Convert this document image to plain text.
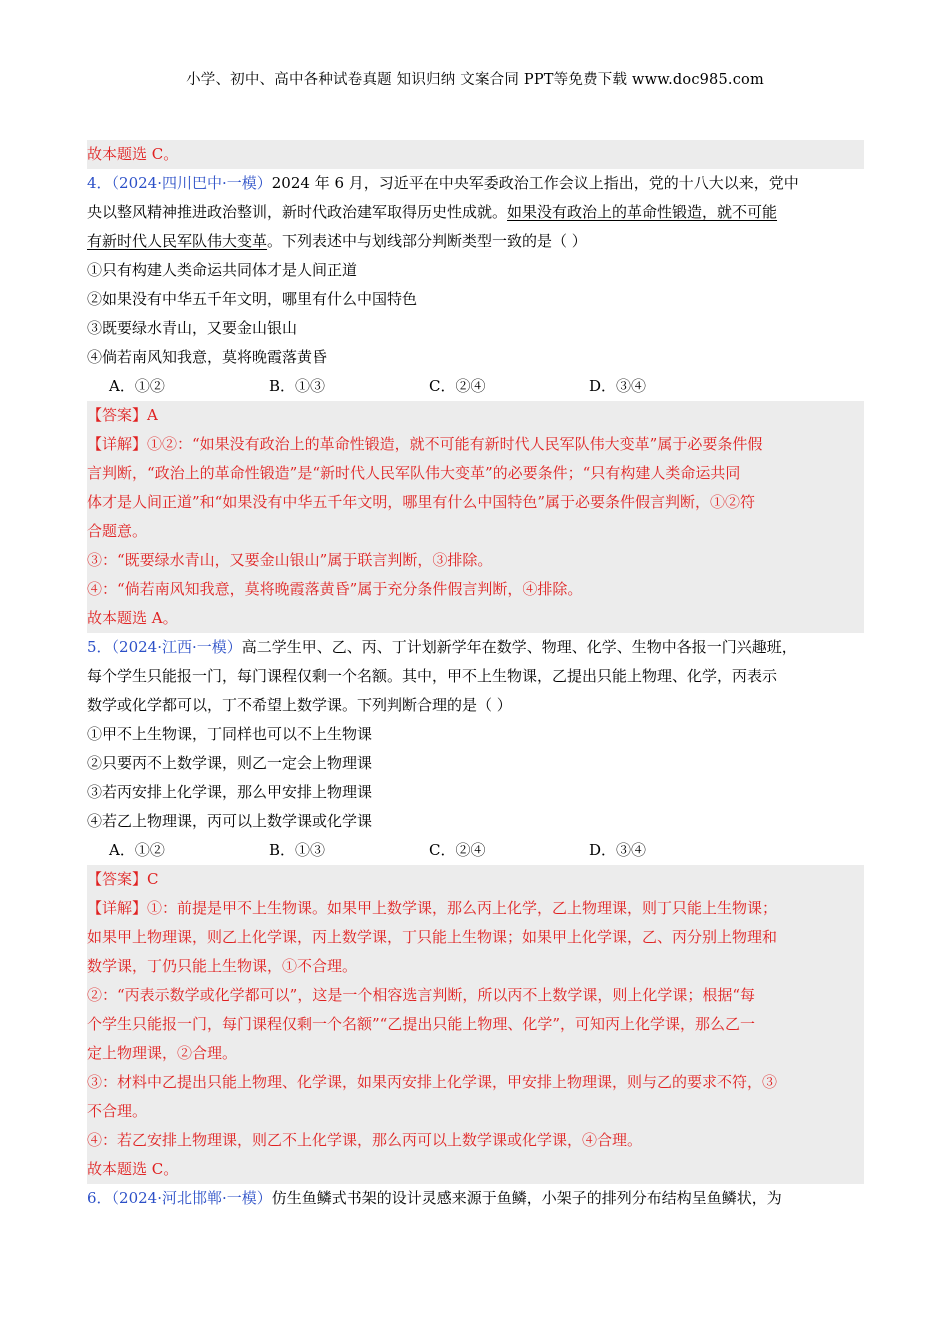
小学、初中、高中各种试卷真题 知识归纳 文案合同 PPT等免费下载 www.doc985.com
故本题选 C。
4．（2024·四川巴中·一模）2024 年 6 月，习近平在中央军委政治工作会议上指出，党的十八大以来，党中
央以整风精神推进政治整训，新时代政治建军取得历史性成就。如果没有政治上的革命性锻造，就不可能
有新时代人民军队伟大变革。下列表述中与划线部分判断类型一致的是（ ）
①只有构建人类命运共同体才是人间正道
②如果没有中华五千年文明，哪里有什么中国特色
③既要绿水青山，又要金山银山
④倘若南风知我意，莫将晚霞落黄昏
A．①②	B．①③	C．②④	D．③④
【答案】A
【详解】①②：“如果没有政治上的革命性锻造，就不可能有新时代人民军队伟大变革”属于必要条件假
言判断，“政治上的革命性锻造”是“新时代人民军队伟大变革”的必要条件；“只有构建人类命运共同
体才是人间正道”和“如果没有中华五千年文明，哪里有什么中国特色”属于必要条件假言判断，①②符
合题意。
③：“既要绿水青山，又要金山银山”属于联言判断，③排除。
④：“倘若南风知我意，莫将晚霞落黄昏”属于充分条件假言判断，④排除。
故本题选 A。
5．（2024·江西·一模）高二学生甲、乙、丙、丁计划新学年在数学、物理、化学、生物中各报一门兴趣班，
每个学生只能报一门，每门课程仅剩一个名额。其中，甲不上生物课，乙提出只能上物理、化学，丙表示
数学或化学都可以，丁不希望上数学课。下列判断合理的是（ ）
①甲不上生物课，丁同样也可以不上生物课
②只要丙不上数学课，则乙一定会上物理课
③若丙安排上化学课，那么甲安排上物理课
④若乙上物理课，丙可以上数学课或化学课
A．①②	B．①③	C．②④	D．③④
【答案】C
【详解】①：前提是甲不上生物课。如果甲上数学课，那么丙上化学，乙上物理课，则丁只能上生物课；
如果甲上物理课，则乙上化学课，丙上数学课，丁只能上生物课；如果甲上化学课，乙、丙分别上物理和
数学课，丁仍只能上生物课，①不合理。
②：“丙表示数学或化学都可以”，这是一个相容选言判断，所以丙不上数学课，则上化学课；根据“每
个学生只能报一门，每门课程仅剩一个名额”“乙提出只能上物理、化学”，可知丙上化学课，那么乙一
定上物理课，②合理。
③：材料中乙提出只能上物理、化学课，如果丙安排上化学课，甲安排上物理课，则与乙的要求不符，③
不合理。
④：若乙安排上物理课，则乙不上化学课，那么丙可以上数学课或化学课，④合理。
故本题选 C。
6．（2024·河北邯郸·一模）仿生鱼鳞式书架的设计灵感来源于鱼鳞，小架子的排列分布结构呈鱼鳞状，为
